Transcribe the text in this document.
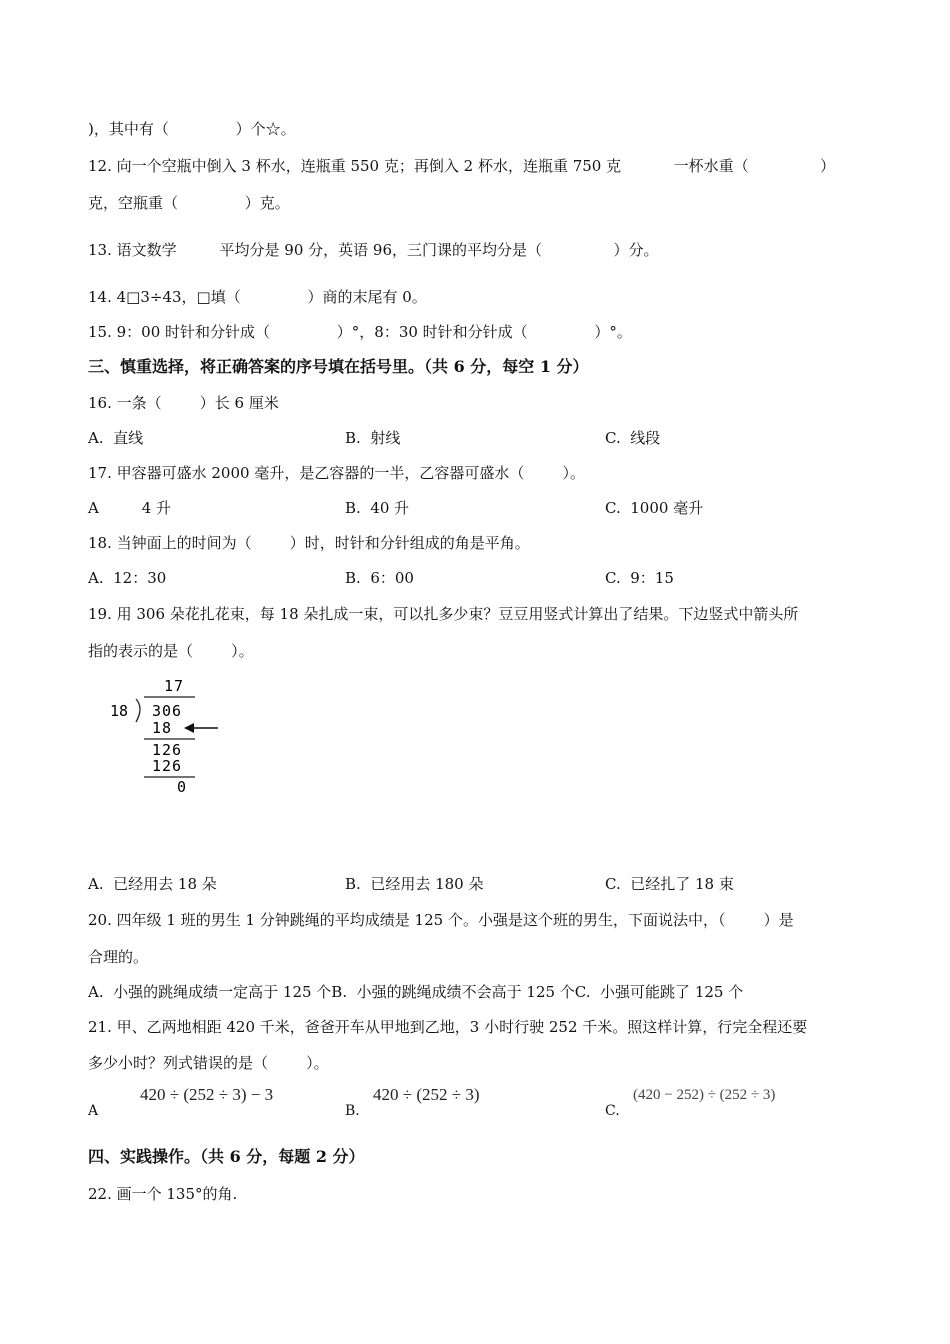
)，其中有（              ）个☆。
12. 向一个空瓶中倒入 3 杯水，连瓶重 550 克；再倒入 2 杯水，连瓶重 750 克           一杯水重（               ）
克，空瓶重（              ）克。
13. 语文数学         平均分是 90 分，英语 96，三门课的平均分是（               ）分。
14. 4□3÷43，□填（              ）商的末尾有 0。
15. 9：00 时针和分针成（              ）°，8：30 时针和分针成（              ）°。
三、慎重选择，将正确答案的序号填在括号里。（共 6 分，每空 1 分）
16. 一条（        ）长 6 厘米
A.  直线	B.  射线	C.  线段
17. 甲容器可盛水 2000 毫升，是乙容器的一半，乙容器可盛水（        ）。
A         4 升	B.  40 升	C.  1000 毫升
18. 当钟面上的时间为（        ）时，时针和分针组成的角是平角。
A.  12：30	B.  6：00	C.  9：15
19. 用 306 朵花扎花束，每 18 朵扎成一束，可以扎多少束？豆豆用竖式计算出了结果。下边竖式中箭头所
指的表示的是（        ）。
17
18 306
18
126
126
0
A.  已经用去 18 朵	B.  已经用去 180 朵	C.  已经扎了 18 束
20. 四年级 1 班的男生 1 分钟跳绳的平均成绩是 125 个。小强是这个班的男生，下面说法中，（        ）是
合理的。
A.  小强的跳绳成绩一定高于 125 个B.  小强的跳绳成绩不会高于 125 个C.  小强可能跳了 125 个
21. 甲、乙两地相距 420 千米，爸爸开车从甲地到乙地，3 小时行驶 252 千米。照这样计算，行完全程还要
多少小时？列式错误的是（        ）。
A
420 ÷ (252 ÷ 3) − 3
B.
420 ÷ (252 ÷ 3)
C.
(420 − 252) ÷ (252 ÷ 3)
四、实践操作。（共 6 分，每题 2 分）
22. 画一个 135°的角.
